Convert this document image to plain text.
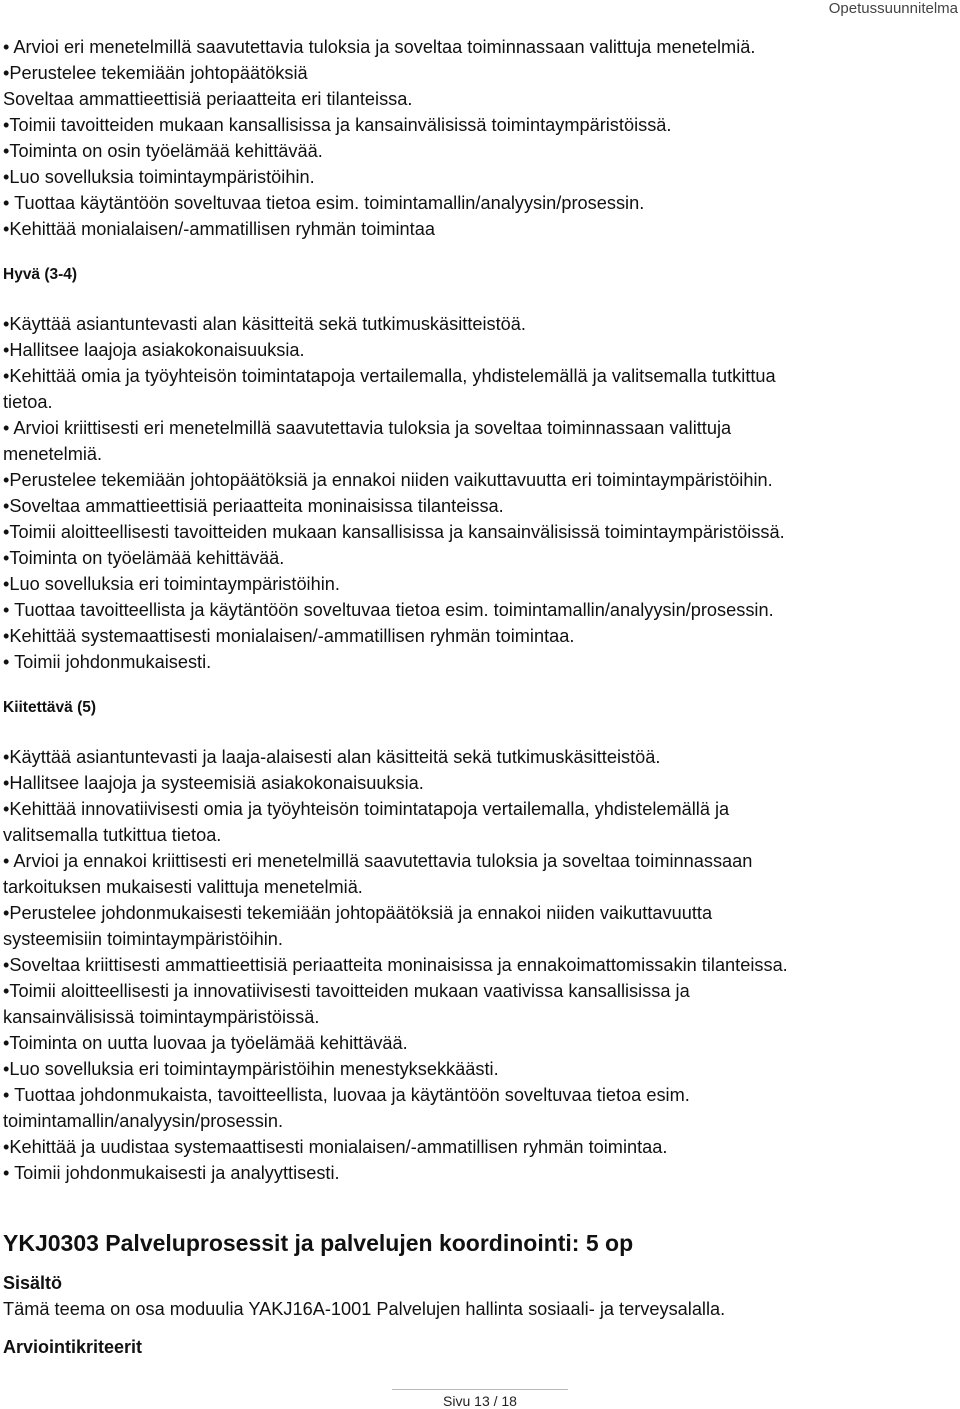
Opetussuunnitelma

• Arvioi eri menetelmillä saavutettavia tuloksia ja soveltaa toiminnassaan valittuja menetelmiä.

•Perustelee tekemiään johtopäätöksiä

Soveltaa ammattieettisiä periaatteita eri tilanteissa.

•Toimii tavoitteiden mukaan kansallisissa ja kansainvälisissä toimintaympäristöissä.

•Toiminta on osin työelämää kehittävää.

•Luo sovelluksia toimintaympäristöihin.

• Tuottaa käytäntöön soveltuvaa tietoa esim. toimintamallin/analyysin/prosessin.

•Kehittää monialaisen/-ammatillisen ryhmän toimintaa

Hyvä (3-4)

•Käyttää asiantuntevasti alan käsitteitä sekä tutkimuskäsitteistöä.

•Hallitsee laajoja asiakokonaisuuksia.

•Kehittää omia ja työyhteisön toimintatapoja vertailemalla, yhdistelemällä ja valitsemalla tutkittua

tietoa.

• Arvioi kriittisesti eri menetelmillä saavutettavia tuloksia ja soveltaa toiminnassaan valittuja

menetelmiä.

•Perustelee tekemiään johtopäätöksiä ja ennakoi niiden vaikuttavuutta eri toimintaympäristöihin.

•Soveltaa ammattieettisiä periaatteita moninaisissa tilanteissa.

•Toimii aloitteellisesti tavoitteiden mukaan kansallisissa ja kansainvälisissä toimintaympäristöissä.

•Toiminta on työelämää kehittävää.

•Luo sovelluksia eri toimintaympäristöihin.

• Tuottaa tavoitteellista ja käytäntöön soveltuvaa tietoa esim. toimintamallin/analyysin/prosessin.

•Kehittää systemaattisesti monialaisen/-ammatillisen ryhmän toimintaa.

• Toimii johdonmukaisesti.

Kiitettävä (5)

•Käyttää asiantuntevasti ja laaja-alaisesti alan käsitteitä sekä tutkimuskäsitteistöä.

•Hallitsee laajoja ja systeemisiä asiakokonaisuuksia.

•Kehittää innovatiivisesti omia ja työyhteisön toimintatapoja vertailemalla, yhdistelemällä ja

valitsemalla tutkittua tietoa.

• Arvioi ja ennakoi kriittisesti eri menetelmillä saavutettavia tuloksia ja soveltaa toiminnassaan

tarkoituksen mukaisesti valittuja menetelmiä.

•Perustelee johdonmukaisesti tekemiään johtopäätöksiä ja ennakoi niiden vaikuttavuutta

systeemisiin toimintaympäristöihin.

•Soveltaa kriittisesti ammattieettisiä periaatteita moninaisissa ja ennakoimattomissakin tilanteissa.

•Toimii aloitteellisesti ja innovatiivisesti tavoitteiden mukaan vaativissa kansallisissa ja

kansainvälisissä toimintaympäristöissä.

•Toiminta on uutta luovaa ja työelämää kehittävää.

•Luo sovelluksia eri toimintaympäristöihin menestyksekkäästi.

• Tuottaa johdonmukaista, tavoitteellista, luovaa ja käytäntöön soveltuvaa tietoa esim.

toimintamallin/analyysin/prosessin.

•Kehittää ja uudistaa systemaattisesti monialaisen/-ammatillisen ryhmän toimintaa.

• Toimii johdonmukaisesti ja analyyttisesti.

YKJ0303 Palveluprosessit ja palvelujen koordinointi: 5 op
Sisältö

Tämä teema on osa moduulia YAKJ16A-1001 Palvelujen hallinta sosiaali- ja terveysalalla.

Arviointikriteerit
Sivu 13 / 18
